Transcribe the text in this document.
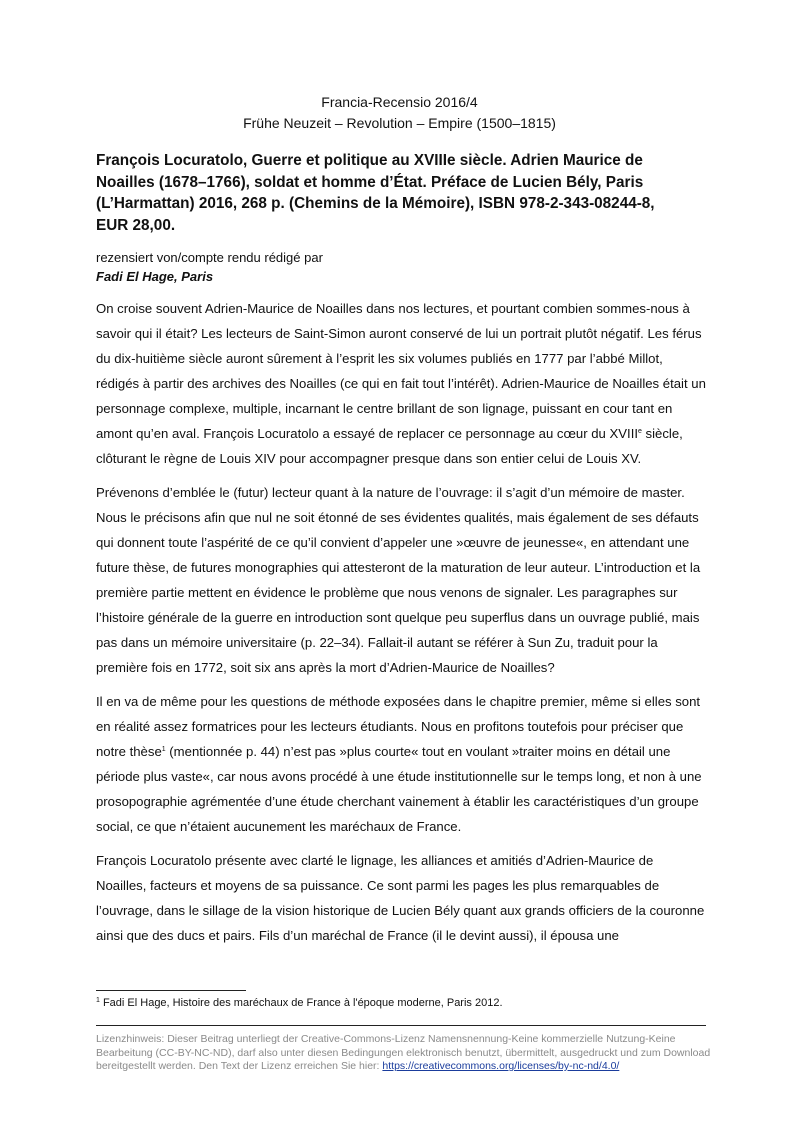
Francia-Recensio 2016/4
Frühe Neuzeit – Revolution – Empire (1500–1815)
François Locuratolo, Guerre et politique au XVIIIe siècle. Adrien Maurice de Noailles (1678–1766), soldat et homme d’État. Préface de Lucien Bély, Paris (L’Harmattan) 2016, 268 p. (Chemins de la Mémoire), ISBN 978-2-343-08244-8, EUR 28,00.
rezensiert von/compte rendu rédigé par
Fadi El Hage, Paris

On croise souvent Adrien-Maurice de Noailles dans nos lectures, et pourtant combien sommes-nous à savoir qui il était? Les lecteurs de Saint-Simon auront conservé de lui un portrait plutôt négatif. Les férus du dix-huitième siècle auront sûrement à l’esprit les six volumes publiés en 1777 par l’abbé Millot, rédigés à partir des archives des Noailles (ce qui en fait tout l’intérêt). Adrien-Maurice de Noailles était un personnage complexe, multiple, incarnant le centre brillant de son lignage, puissant en cour tant en amont qu’en aval. François Locuratolo a essayé de replacer ce personnage au cœur du XVIIIe siècle, clôturant le règne de Louis XIV pour accompagner presque dans son entier celui de Louis XV.

Prévenons d’emblée le (futur) lecteur quant à la nature de l’ouvrage: il s’agit d’un mémoire de master. Nous le précisons afin que nul ne soit étonné de ses évidentes qualités, mais également de ses défauts qui donnent toute l’aspérité de ce qu’il convient d’appeler une »œuvre de jeunesse«, en attendant une future thèse, de futures monographies qui attesteront de la maturation de leur auteur. L’introduction et la première partie mettent en évidence le problème que nous venons de signaler. Les paragraphes sur l’histoire générale de la guerre en introduction sont quelque peu superflus dans un ouvrage publié, mais pas dans un mémoire universitaire (p. 22–34). Fallait-il autant se référer à Sun Zu, traduit pour la première fois en 1772, soit six ans après la mort d’Adrien-Maurice de Noailles?

Il en va de même pour les questions de méthode exposées dans le chapitre premier, même si elles sont en réalité assez formatrices pour les lecteurs étudiants. Nous en profitons toutefois pour préciser que notre thèse$^1$ (mentionnée p. 44) n’est pas »plus courte« tout en voulant »traiter moins en détail une période plus vaste«, car nous avons procédé à une étude institutionnelle sur le temps long, et non à une prosopographie agrémentée d’une étude cherchant vainement à établir les caractéristiques d’un groupe social, ce que n’étaient aucunement les maréchaux de France.

François Locuratolo présente avec clarté le lignage, les alliances et amitiés d’Adrien-Maurice de Noailles, facteurs et moyens de sa puissance. Ce sont parmi les pages les plus remarquables de l’ouvrage, dans le sillage de la vision historique de Lucien Bély quant aux grands officiers de la couronne ainsi que des ducs et pairs. Fils d’un maréchal de France (il le devint aussi), il épousa une

$^1$ Fadi El Hage, Histoire des maréchaux de France à l'époque moderne, Paris 2012.
Lizenzhinweis: Dieser Beitrag unterliegt der Creative-Commons-Lizenz Namensnennung-Keine kommerzielle Nutzung-Keine Bearbeitung (CC-BY-NC-ND), darf also unter diesen Bedingungen elektronisch benutzt, übermittelt, ausgedruckt und zum Download bereitgestellt werden. Den Text der Lizenz erreichen Sie hier: https://creativecommons.org/licenses/by-nc-nd/4.0/
